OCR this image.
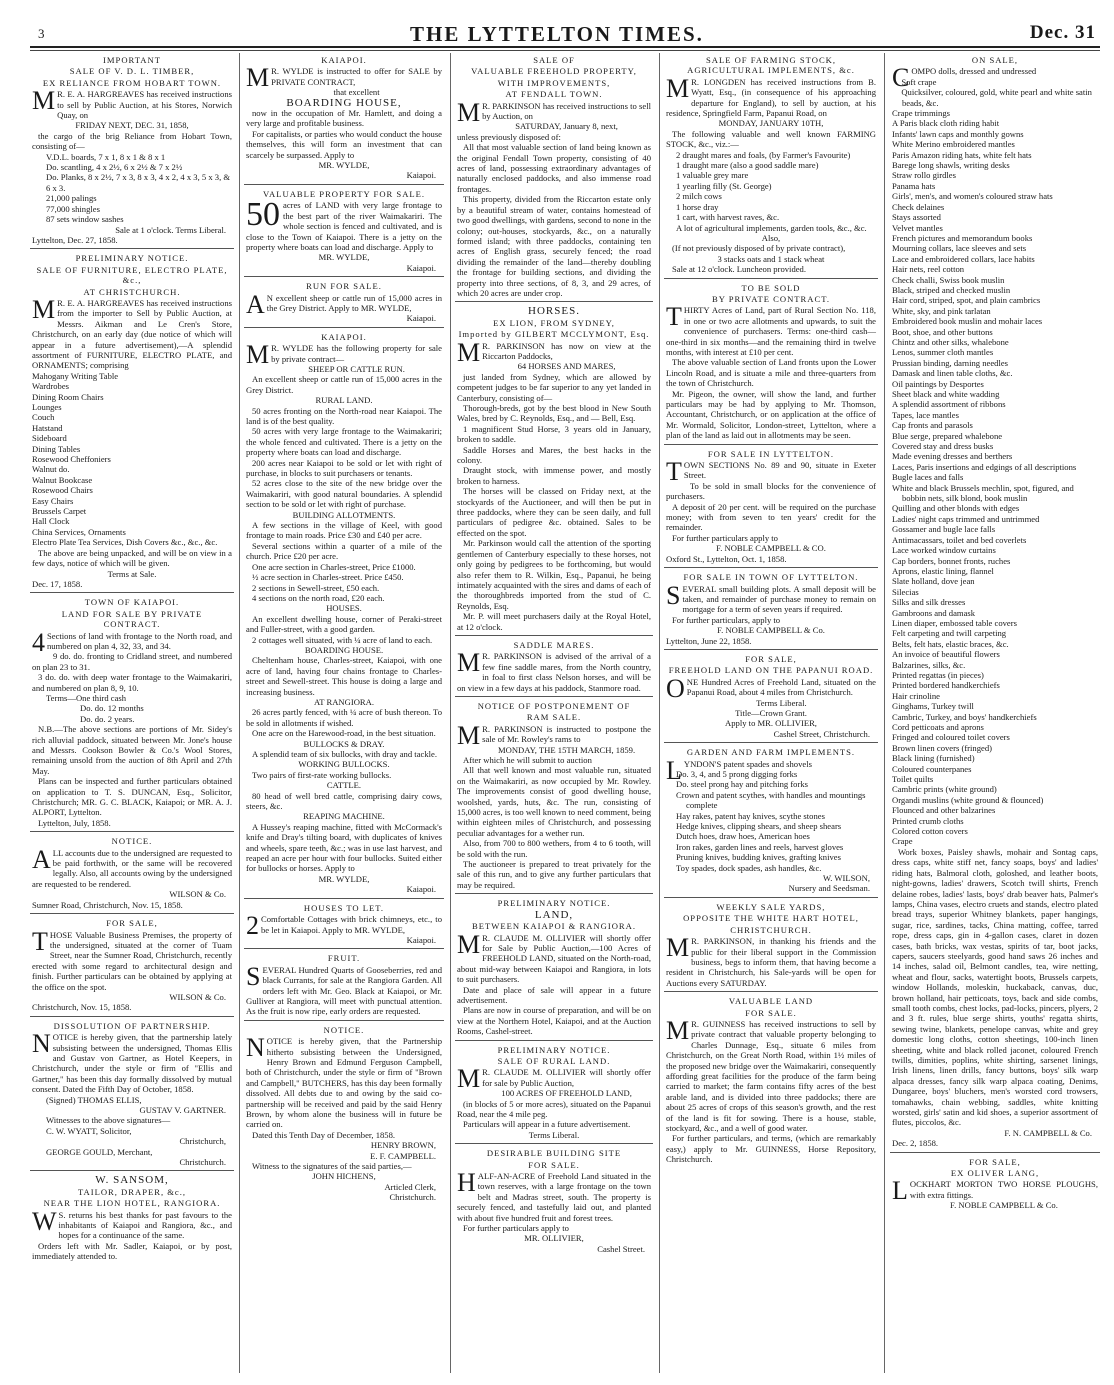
3	THE LYTTELTON TIMES.	Dec. 31
IMPORTANT
SALE OF V. D. L. TIMBER,
EX RELIANCE FROM HOBART TOWN.

M R. E. A. HARGREAVES has received instructions to sell by Public Auction, at his Stores, Norwich Quay, on

FRIDAY NEXT, DEC. 31, 1858,

the cargo of the brig Reliance from Hobart Town, consisting of—

V.D.L. boards, 7 x 1, 8 x 1 & 8 x 1

Do. scantling, 4 x 2½, 6 x 2½ & 7 x 2½

Do. Planks, 8 x 2½, 7 x 3, 8 x 3, 4 x 2, 4 x 3, 5 x 3, & 6 x 3.

21,000 palings

77,000 shingles

87 sets window sashes

Sale at 1 o'clock. Terms Liberal.

Lyttelton, Dec. 27, 1858.

PRELIMINARY NOTICE.
SALE OF FURNITURE, ELECTRO PLATE, &c.,
AT CHRISTCHURCH.

M R. E. A. HARGREAVES has received instructions from the importer to Sell by Public Auction, at Messrs. Aikman and Le Cren's Store, Christchurch, on an early day (due notice of which will appear in a future advertisement),—A splendid assortment of FURNITURE, ELECTRO PLATE, and ORNAMENTS; comprising

Mahogany Writing Table
Wardrobes
Dining Room Chairs
Lounges
Couch
Hatstand
Sideboard
Dining Tables
Rosewood Cheffoniers
Walnut do.
Walnut Bookcase
Rosewood Chairs
Easy Chairs
Brussels Carpet
Hall Clock
China Services, Ornaments
Electro Plate Tea Services, Dish Covers &c., &c., &c.

The above are being unpacked, and will be on view in a few days, notice of which will be given.

Terms at Sale.

Dec. 17, 1858.

TOWN OF KAIAPOI.
LAND FOR SALE BY PRIVATE CONTRACT.

4 Sections of land with frontage to the North road, and numbered on plan 4, 32, 33, and 34.

9 do. do. fronting to Cridland street, and numbered on plan 23 to 31.

3 do. do. with deep water frontage to the Waimakariri, and numbered on plan 8, 9, 10.

Terms—One third cash

Do. do. 12 months

Do. do. 2 years.

N.B.—The above sections are portions of Mr. Sidey's rich alluvial paddock, situated between Mr. Jone's house and Messrs. Cookson Bowler & Co.'s Wool Stores, remaining unsold from the auction of 8th April and 27th May.

Plans can be inspected and further particulars obtained on application to T. S. DUNCAN, Esq., Solicitor, Christchurch; MR. G. C. BLACK, Kaiapoi; or MR. A. J. ALPORT, Lyttelton.

Lyttelton, July, 1858.

NOTICE.

ALL accounts due to the undersigned are requested to be paid forthwith, or the same will be recovered legally. Also, all accounts owing by the undersigned are requested to be rendered.

WILSON & Co.

Sumner Road, Christchurch, Nov. 15, 1858.

FOR SALE,

THOSE Valuable Business Premises, the property of the undersigned, situated at the corner of Tuam Street, near the Sumner Road, Christchurch, recently erected with some regard to architectural design and finish. Further particulars can be obtained by applying at the office on the spot.

WILSON & Co.

Christchurch, Nov. 15, 1858.

DISSOLUTION OF PARTNERSHIP.

NOTICE is hereby given, that the partnership lately subsisting between the undersigned, Thomas Ellis and Gustav von Gartner, as Hotel Keepers, in Christchurch, under the style or firm of "Ellis and Gartner," has been this day formally dissolved by mutual consent. Dated the Fifth Day of October, 1858.

(Signed) THOMAS ELLIS,

GUSTAV V. GARTNER.

Witnesses to the above signatures—

C. W. WYATT, Solicitor,

Christchurch,

GEORGE GOULD, Merchant,

Christchurch.

W. SANSOM,
TAILOR, DRAPER, &c.,
NEAR THE LION HOTEL, RANGIORA.

W S. returns his best thanks for past favours to the inhabitants of Kaiapoi and Rangiora, &c., and hopes for a continuance of the same.

Orders left with Mr. Sadler, Kaiapoi, or by post, immediately attended to.

KAIAPOI.

M R. WYLDE is instructed to offer for SALE by PRIVATE CONTRACT,

that excellent

BOARDING HOUSE,

now in the occupation of Mr. Hamlett, and doing a very large and profitable business.

For capitalists, or parties who would conduct the house themselves, this will form an investment that can scarcely be surpassed. Apply to

MR. WYLDE,

Kaiapoi.

VALUABLE PROPERTY FOR SALE.

50 acres of LAND with very large frontage to the best part of the river Waimakariri. The whole section is fenced and cultivated, and is close to the Town of Kaiapoi. There is a jetty on the property where boats can load and discharge. Apply to

MR. WYLDE,

Kaiapoi.

RUN FOR SALE.

A N excellent sheep or cattle run of 15,000 acres in the Grey District. Apply to MR. WYLDE,

Kaiapoi.

KAIAPOI.

M R. WYLDE has the following property for sale by private contract—

SHEEP OR CATTLE RUN.

An excellent sheep or cattle run of 15,000 acres in the Grey District.

RURAL LAND.

50 acres fronting on the North-road near Kaiapoi. The land is of the best quality.

50 acres with very large frontage to the Waimakariri; the whole fenced and cultivated. There is a jetty on the property where boats can load and discharge.

200 acres near Kaiapoi to be sold or let with right of purchase, in blocks to suit purchasers or tenants.

52 acres close to the site of the new bridge over the Waimakariri, with good natural boundaries. A splendid section to be sold or let with right of purchase.

BUILDING ALLOTMENTS.

A few sections in the village of Keel, with good frontage to main roads. Price £30 and £40 per acre.

Several sections within a quarter of a mile of the church. Price £20 per acre.

One acre section in Charles-street, Price £1000.

½ acre section in Charles-street. Price £450.

2 sections in Sewell-street, £50 each.

4 sections on the north road, £20 each.

HOUSES.

An excellent dwelling house, corner of Peraki-street and Fuller-street, with a good garden.

2 cottages well situated, with ¼ acre of land to each.

BOARDING HOUSE.

Cheltenham house, Charles-street, Kaiapoi, with one acre of land, having four chains frontage to Charles-street and Sewell-street. This house is doing a large and increasing business.

AT RANGIORA.

26 acres partly fenced, with ¼ acre of bush thereon. To be sold in allotments if wished.

One acre on the Harewood-road, in the best situation.

BULLOCKS & DRAY.

A splendid team of six bullocks, with dray and tackle.

WORKING BULLOCKS.

Two pairs of first-rate working bullocks.

CATTLE.

80 head of well bred cattle, comprising dairy cows, steers, &c.

REAPING MACHINE.

A Hussey's reaping machine, fitted with McCormack's knife and Dray's tilting board, with duplicates of knives and wheels, spare teeth, &c.; was in use last harvest, and reaped an acre per hour with four bullocks. Suited either for bullocks or horses. Apply to

MR. WYLDE,

Kaiapoi.

HOUSES TO LET.

2 Comfortable Cottages with brick chimneys, etc., to be let in Kaiapoi. Apply to MR. WYLDE,

Kaiapoi.

FRUIT.

SEVERAL Hundred Quarts of Gooseberries, red and black Currants, for sale at the Rangiora Garden. All orders left with Mr. Geo. Black at Kaiapoi, or Mr. Gulliver at Rangiora, will meet with punctual attention. As the fruit is now ripe, early orders are requested.

NOTICE.

NOTICE is hereby given, that the Partnership hitherto subsisting between the Undersigned, Henry Brown and Edmund Ferguson Campbell, both of Christchurch, under the style or firm of "Brown and Campbell," BUTCHERS, has this day been formally dissolved. All debts due to and owing by the said co-partnership will be received and paid by the said Henry Brown, by whom alone the business will in future be carried on.

Dated this Tenth Day of December, 1858.

HENRY BROWN,

E. F. CAMPBELL.

Witness to the signatures of the said parties,—

JOHN HICHENS,

Articled Clerk,

Christchurch.

SALE OF
VALUABLE FREEHOLD PROPERTY,
WITH IMPROVEMENTS,
AT FENDALL TOWN.

M R. PARKINSON has received instructions to sell by Auction, on

SATURDAY, January 8, next,

unless previously disposed of:

All that most valuable section of land being known as the original Fendall Town property, consisting of 40 acres of land, possessing extraordinary advantages of naturally enclosed paddocks, and also immense road frontages.

This property, divided from the Riccarton estate only by a beautiful stream of water, contains homestead of two good dwellings, with gardens, second to none in the colony; out-houses, stockyards, &c., on a naturally formed island; with three paddocks, containing ten acres of English grass, securely fenced; the road dividing the remainder of the land—thereby doubling the frontage for building sections, and dividing the property into three sections, of 8, 3, and 29 acres, of which 20 acres are under crop.

HORSES.
EX LION, FROM SYDNEY,
Imported by GILBERT MCCLYMONT, Esq.

M R. PARKINSON has now on view at the Riccarton Paddocks,

64 HORSES AND MARES,

just landed from Sydney, which are allowed by competent judges to be far superior to any yet landed in Canterbury, consisting of—

Thorough-breds, got by the best blood in New South Wales, bred by C. Reynolds, Esq., and — Bell, Esq.

1 magnificent Stud Horse, 3 years old in January, broken to saddle.

Saddle Horses and Mares, the best hacks in the colony.

Draught stock, with immense power, and mostly broken to harness.

The horses will be classed on Friday next, at the stockyards of the Auctioneer, and will then be put in three paddocks, where they can be seen daily, and full particulars of pedigree &c. obtained. Sales to be effected on the spot.

Mr. Parkinson would call the attention of the sporting gentlemen of Canterbury especially to these horses, not only going by pedigrees to be forthcoming, but would also refer them to R. Wilkin, Esq., Papanui, he being intimately acquainted with the sires and dams of each of the thoroughbreds imported from the stud of C. Reynolds, Esq.

Mr. P. will meet purchasers daily at the Royal Hotel, at 12 o'clock.

SADDLE MARES.

M R. PARKINSON is advised of the arrival of a few fine saddle mares, from the North country, in foal to first class Nelson horses, and will be on view in a few days at his paddock, Stanmore road.

NOTICE OF POSTPONEMENT OF
RAM SALE.

M R. PARKINSON is instructed to postpone the sale of Mr. Rowley's rams to

MONDAY, THE 15TH MARCH, 1859.

After which he will submit to auction

All that well known and most valuable run, situated on the Waimakariri, as now occupied by Mr. Rowley. The improvements consist of good dwelling house, woolshed, yards, huts, &c. The run, consisting of 15,000 acres, is too well known to need comment, being within eighteen miles of Christchurch, and possessing peculiar advantages for a wether run.

Also, from 700 to 800 wethers, from 4 to 6 tooth, will be sold with the run.

The auctioneer is prepared to treat privately for the sale of this run, and to give any further particulars that may be required.

PRELIMINARY NOTICE.
LAND,
BETWEEN KAIAPOI & RANGIORA.

M R. CLAUDE M. OLLIVIER will shortly offer for Sale by Public Auction,—100 Acres of FREEHOLD LAND, situated on the North-road, about mid-way between Kaiapoi and Rangiora, in lots to suit purchasers.

Date and place of sale will appear in a future advertisement.

Plans are now in course of preparation, and will be on view at the Northern Hotel, Kaiapoi, and at the Auction Rooms, Cashel-street.

PRELIMINARY NOTICE.
SALE OF RURAL LAND.

M R. CLAUDE M. OLLIVIER will shortly offer for sale by Public Auction,

100 ACRES OF FREEHOLD LAND,

(in blocks of 5 or more acres), situated on the Papanui Road, near the 4 mile peg.

Particulars will appear in a future advertisement.

Terms Liberal.

DESIRABLE BUILDING SITE
FOR SALE.

HALF-AN-ACRE of Freehold Land situated in the town reserves, with a large frontage on the town belt and Madras street, south. The property is securely fenced, and tastefully laid out, and planted with about five hundred fruit and forest trees.

For further particulars apply to

MR. OLLIVIER,

Cashel Street.

SALE OF FARMING STOCK, AGRICULTURAL IMPLEMENTS, &c.

M R. LONGDEN has received instructions from B. Wyatt, Esq., (in consequence of his approaching departure for England), to sell by auction, at his residence, Springfield Farm, Papanui Road, on

MONDAY, JANUARY 10TH,

The following valuable and well known FARMING STOCK, &c., viz.:—

2 draught mares and foals, (by Farmer's Favourite)
1 draught mare (also a good saddle mare)
1 valuable grey mare
1 yearling filly (St. George)
2 milch cows
1 horse dray
1 cart, with harvest raves, &c.
A lot of agricultural implements, garden tools, &c., &c.

Also,

(If not previously disposed of by private contract),

3 stacks oats and 1 stack wheat

Sale at 12 o'clock. Luncheon provided.

TO BE SOLD
BY PRIVATE CONTRACT.

THIRTY Acres of Land, part of Rural Section No. 118, in one or two acre allotments and upwards, to suit the convenience of purchasers. Terms: one-third cash—one-third in six months—and the remaining third in twelve months, with interest at £10 per cent.

The above valuable section of Land fronts upon the Lower Lincoln Road, and is situate a mile and three-quarters from the town of Christchurch.

Mr. Pigeon, the owner, will show the land, and further particulars may be had by applying to Mr. Thomson, Accountant, Christchurch, or on application at the office of Mr. Wormald, Solicitor, London-street, Lyttelton, where a plan of the land as laid out in allotments may be seen.

FOR SALE IN LYTTELTON.

TOWN SECTIONS No. 89 and 90, situate in Exeter Street.

To be sold in small blocks for the convenience of purchasers.

A deposit of 20 per cent. will be required on the purchase money; with from seven to ten years' credit for the remainder.

For further particulars apply to

F. NOBLE CAMPBELL & CO.

Oxford St., Lyttelton, Oct. 1, 1858.

FOR SALE IN TOWN OF LYTTELTON.

SEVERAL small building plots. A small deposit will be taken, and remainder of purchase money to remain on mortgage for a term of seven years if required.

For further particulars, apply to

F. NOBLE CAMPBELL & Co.

Lyttelton, June 22, 1858.

FOR SALE,
FREEHOLD LAND ON THE PAPANUI ROAD.

ONE Hundred Acres of Freehold Land, situated on the Papanui Road, about 4 miles from Christchurch.

Terms Liberal.

Title—Crown Grant.

Apply to MR. OLLIVIER,

Cashel Street, Christchurch.

GARDEN AND FARM IMPLEMENTS.

LYNDON'S patent spades and shovels

Do. 3, 4, and 5 prong digging forks
Do. steel prong hay and pitching forks
Crown and patent scythes, with handles and mountings complete
Hay rakes, patent hay knives, scythe stones
Hedge knives, clipping shears, and sheep shears
Dutch hoes, draw hoes, American hoes
Iron rakes, garden lines and reels, harvest gloves
Pruning knives, budding knives, grafting knives
Toy spades, dock spades, ash handles, &c.

W. WILSON,

Nursery and Seedsman.

WEEKLY SALE YARDS,
OPPOSITE THE WHITE HART HOTEL,
CHRISTCHURCH.

M R. PARKINSON, in thanking his friends and the public for their liberal support in the Commission business, begs to inform them, that having become a resident in Christchurch, his Sale-yards will be open for Auctions every SATURDAY.

VALUABLE LAND
FOR SALE.

M R. GUINNESS has received instructions to sell by private contract that valuable property belonging to Charles Dunnage, Esq., situate 6 miles from Christchurch, on the Great North Road, within 1½ miles of the proposed new bridge over the Waimakariri, consequently affording great facilities for the produce of the farm being carried to market; the farm contains fifty acres of the best arable land, and is divided into three paddocks; there are about 25 acres of crops of this season's growth, and the rest of the land is fit for sowing. There is a house, stable, stockyard, &c., and a well of good water.

For further particulars, and terms, (which are remarkably easy,) apply to Mr. GUINNESS, Horse Repository, Christchurch.

ON SALE,

COMPO dolls, dressed and undressed

Soft crape
Quicksilver, coloured, gold, white pearl and white satin beads, &c.
Crape trimmings
A Paris black cloth riding habit
Infants' lawn caps and monthly gowns
White Merino embroidered mantles
Paris Amazon riding hats, white felt hats
Barege long shawls, writing desks
Straw rollo girdles
Panama hats
Girls', men's, and women's coloured straw hats
Check delaines
Stays assorted
Velvet mantles
French pictures and memorandum books
Mourning collars, lace sleeves and sets
Lace and embroidered collars, lace habits
Hair nets, reel cotton
Check challi, Swiss book muslin
Black, striped and checked muslin
Hair cord, striped, spot, and plain cambrics
White, sky, and pink tarlatan
Embroidered book muslin and mohair laces
Boot, shoe, and other buttons
Chintz and other silks, whalebone
Lenos, summer cloth mantles
Prussian binding, darning needles
Damask and linen table cloths, &c.
Oil paintings by Desportes
Sheet black and white wadding
A splendid assortment of ribbons
Tapes, lace mantles
Cap fronts and parasols
Blue serge, prepared whalebone
Covered stay and dress busks
Made evening dresses and berthers
Laces, Paris insertions and edgings of all descriptions
Bugle laces and falls
White and black Brussels mechlin, spot, figured, and bobbin nets, silk blond, book muslin
Quilling and other blonds with edges
Ladies' night caps trimmed and untrimmed
Gossamer and bugle lace falls
Antimacassars, toilet and bed coverlets
Lace worked window curtains
Cap borders, bonnet fronts, ruches
Aprons, elastic lining, flannel
Slate holland, dove jean
Silecias
Silks and silk dresses
Gambroons and damask
Linen diaper, embossed table covers
Felt carpeting and twill carpeting
Belts, felt hats, elastic braces, &c.
An invoice of beautiful flowers
Balzarines, silks, &c.
Printed regattas (in pieces)
Printed bordered handkerchiefs
Hair crinoline
Ginghams, Turkey twill
Cambric, Turkey, and boys' handkerchiefs
Cord petticoats and aprons
Fringed and coloured toilet covers
Brown linen covers (fringed)
Black lining (furnished)
Coloured counterpanes
Toilet quilts
Cambric prints (white ground)
Organdi muslins (white ground & flounced)
Flounced and other balzarines
Printed crumb cloths
Colored cotton covers
Crape

Work boxes, Paisley shawls, mohair and Sontag caps, dress caps, white stiff net, fancy soaps, boys' and ladies' riding hats, Balmoral cloth, goloshed, and leather boots, night-gowns, ladies' drawers, Scotch twill shirts, French delaine robes, ladies' lasts, boys' drab beaver hats, Palmer's lamps, China vases, electro cruets and stands, electro plated bread trays, superior Whitney blankets, paper hangings, sugar, rice, sardines, tacks, China matting, coffee, tarred rope, dress caps, gin in 4-gallon cases, claret in dozen cases, bath bricks, wax vestas, spirits of tar, boot jacks, capers, saucers steelyards, good hand saws 26 inches and 14 inches, salad oil, Belmont candles, tea, wire netting, wheat and flour, sacks, watertight boots, Brussels carpets, window Hollands, moleskin, huckaback, canvas, duc, brown holland, hair petticoats, toys, back and side combs, small tooth combs, chest locks, pad-locks, pincers, plyers, 2 and 3 ft. rules, blue serge shirts, youths' regatta shirts, sewing twine, blankets, penelope canvas, white and grey domestic long cloths, cotton sheetings, 100-inch linen sheeting, white and black rolled jaconet, coloured French twills, dimities, poplins, white shirting, sarsenet linings, Irish linens, linen drills, fancy buttons, boys' silk warp alpaca dresses, fancy silk warp alpaca coating, Denims, Dungaree, boys' bluchers, men's worsted cord trowsers, tomahawks, chain webbing, saddles, white knitting worsted, girls' satin and kid shoes, a superior assortment of flutes, piccolos, &c.

F. N. CAMPBELL & Co.

Dec. 2, 1858.

FOR SALE,
EX OLIVER LANG,

LOCKHART MORTON TWO HORSE PLOUGHS, with extra fittings.

F. NOBLE CAMPBELL & Co.
